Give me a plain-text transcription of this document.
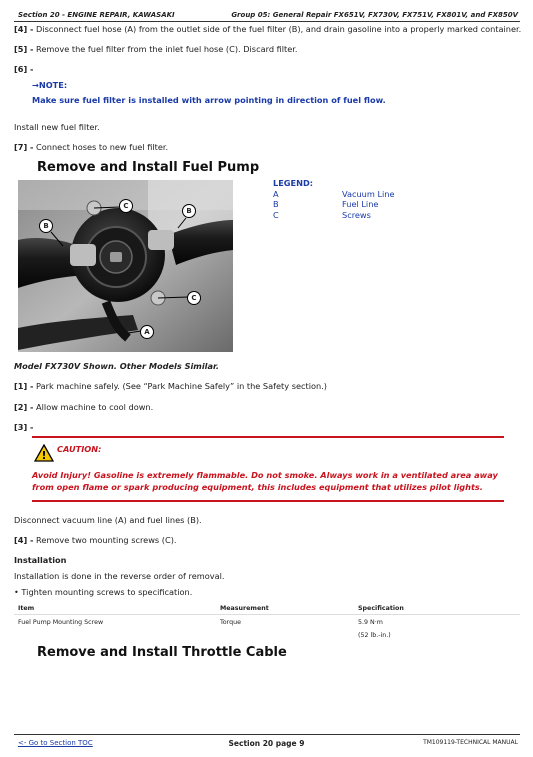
Section 20 - ENGINE REPAIR, KAWASAKI	Group 05: General Repair FX651V, FX730V, FX751V, FX801V, and FX850V
[4] - Disconnect fuel hose (A) from the outlet side of the fuel filter (B), and drain gasoline into a properly marked container.
[5] - Remove the fuel filter from the inlet fuel hose (C). Discard filter.
[6] -
→NOTE:
Make sure fuel filter is installed with arrow pointing in direction of fuel flow.
Install new fuel filter.
[7] - Connect hoses to new fuel filter.
Remove and Install Fuel Pump
C
B
B
C
A
LEGEND:
A	Vacuum Line
B	Fuel Line
C	Screws
Model FX730V Shown. Other Models Similar.
[1] - Park machine safely. (See “Park Machine Safely” in the Safety section.)
[2] - Allow machine to cool down.
[3] -
! CAUTION:
Avoid Injury! Gasoline is extremely flammable. Do not smoke. Always work in a ventilated area away
from open flame or spark producing equipment, this includes equipment that utilizes pilot lights.
Disconnect vacuum line (A) and fuel lines (B).
[4] - Remove two mounting screws (C).
Installation
Installation is done in the reverse order of removal.
• Tighten mounting screws to specification.
Item	Measurement	Specification
Fuel Pump Mounting Screw	Torque	5.9 N·m
(52 lb.-in.)
Remove and Install Throttle Cable
<- Go to Section TOC	Section 20 page 9	TM109119-TECHNICAL MANUAL
